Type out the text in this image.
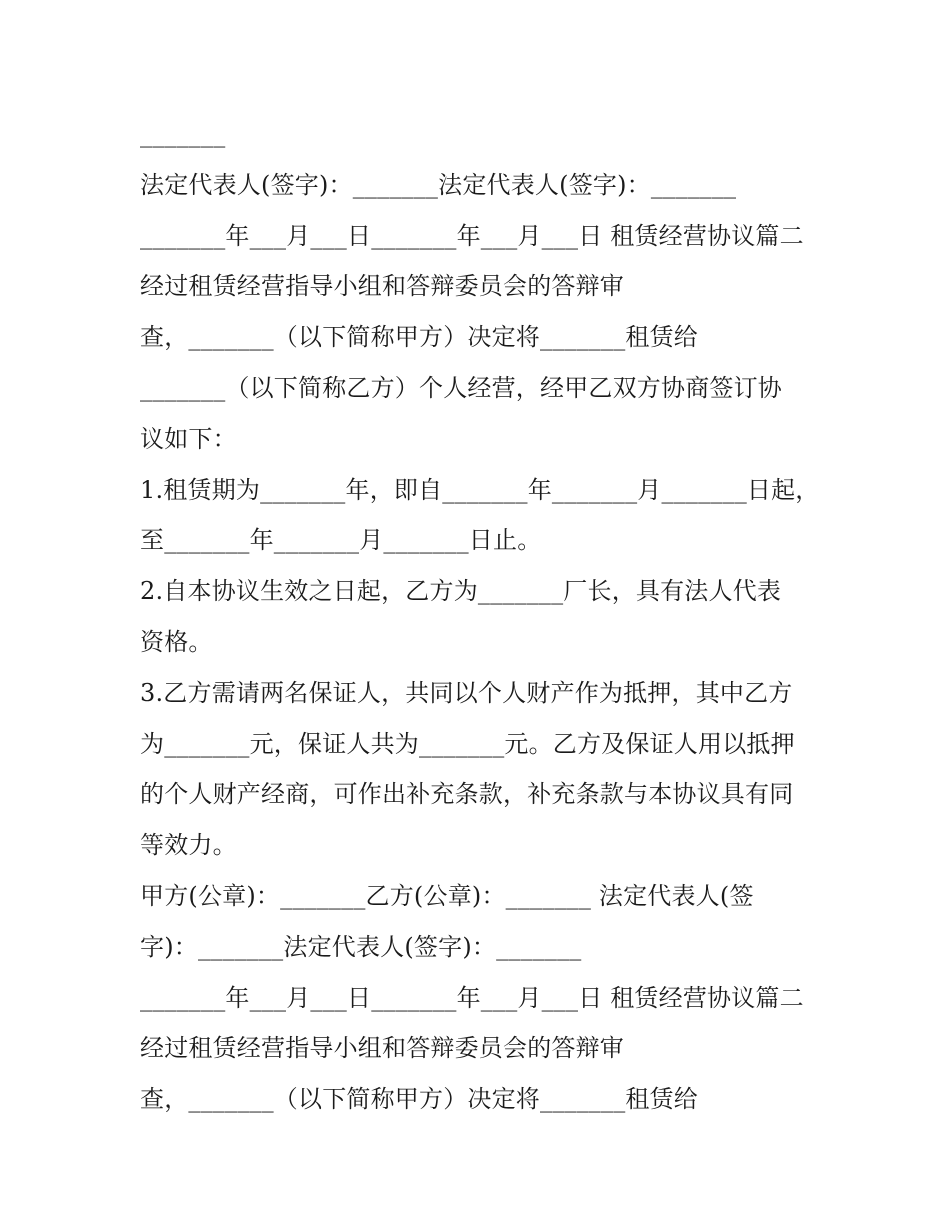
_______
法定代表人(签字)：_______法定代表人(签字)：_______
_______年___月___日_______年___月___日 租赁经营协议篇二
经过租赁经营指导小组和答辩委员会的答辩审
查，_______（以下简称甲方）决定将_______租赁给
_______（以下简称乙方）个人经营，经甲乙双方协商签订协
议如下：
1.租赁期为_______年，即自_______年_______月_______日起，
至_______年_______月_______日止。
2.自本协议生效之日起，乙方为_______厂长，具有法人代表
资格。
3.乙方需请两名保证人，共同以个人财产作为抵押，其中乙方
为_______元，保证人共为_______元。乙方及保证人用以抵押
的个人财产经商，可作出补充条款，补充条款与本协议具有同
等效力。
甲方(公章)：_______乙方(公章)：_______ 法定代表人(签
字)：_______法定代表人(签字)：_______
_______年___月___日_______年___月___日 租赁经营协议篇二
经过租赁经营指导小组和答辩委员会的答辩审
查，_______（以下简称甲方）决定将_______租赁给
